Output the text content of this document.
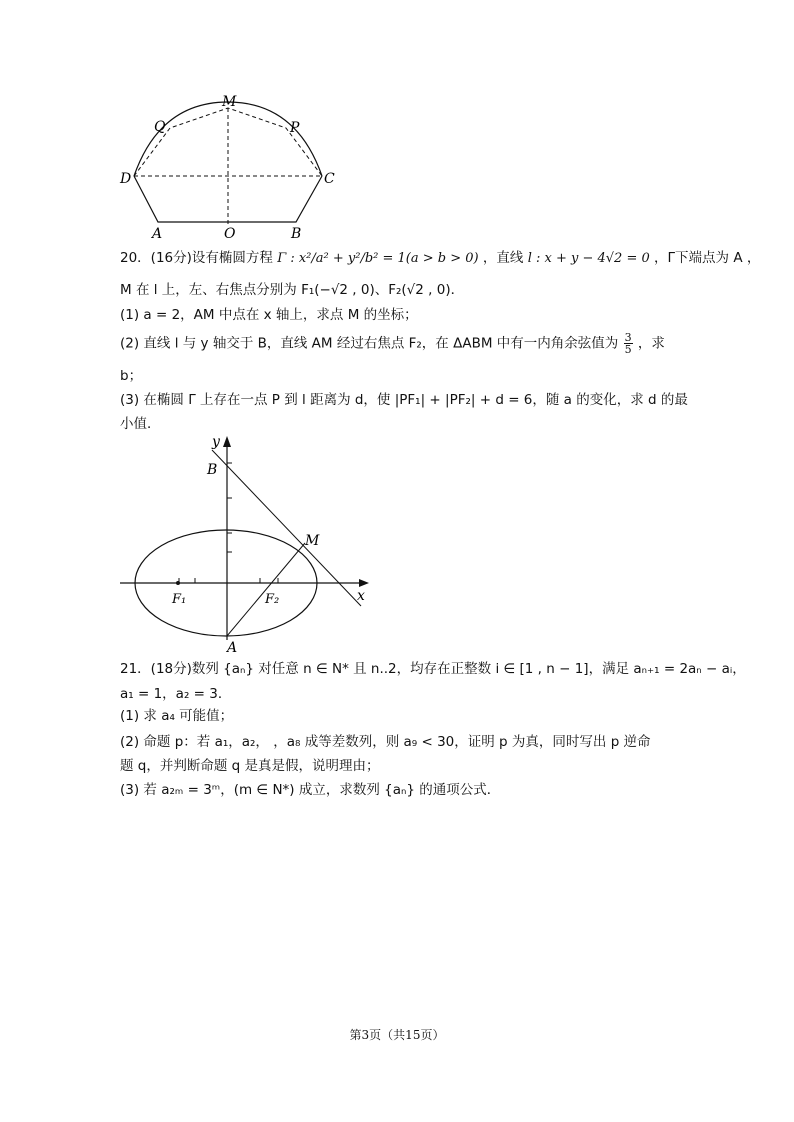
M
Q	P
D	C
A	O	B
20．(16分)设有椭圆方程 Γ : x²/a² + y²/b² = 1(a > b > 0) ，直线 l : x + y − 4√2 = 0 ，Γ下端点为 A ，
M 在 l 上，左、右焦点分别为 F₁(−√2 , 0)、F₂(√2 , 0)．
(1) a = 2，AM 中点在 x 轴上，求点 M 的坐标；
(2) 直线 l 与 y 轴交于 B，直线 AM 经过右焦点 F₂，在 ΔABM 中有一内角余弦值为 $\frac{3}{5}$ ，求
b；
(3) 在椭圆 Γ 上存在一点 P 到 l 距离为 d，使 |PF₁| + |PF₂| + d = 6，随 a 的变化，求 d 的最
小值．
y
B
M
F₁	F₂	x
A
21．(18分)数列 {aₙ} 对任意 n ∈ N* 且 n..2，均存在正整数 i ∈ [1 , n − 1]，满足 aₙ₊₁ = 2aₙ − aᵢ，
a₁ = 1，a₂ = 3．
(1) 求 a₄ 可能值；
(2) 命题 p：若 a₁，a₂， ，a₈ 成等差数列，则 a₉ < 30，证明 p 为真，同时写出 p 逆命
题 q，并判断命题 q 是真是假，说明理由；
(3) 若 a₂ₘ = 3ᵐ，(m ∈ N*) 成立，求数列 {aₙ} 的通项公式．
第3页（共15页）
